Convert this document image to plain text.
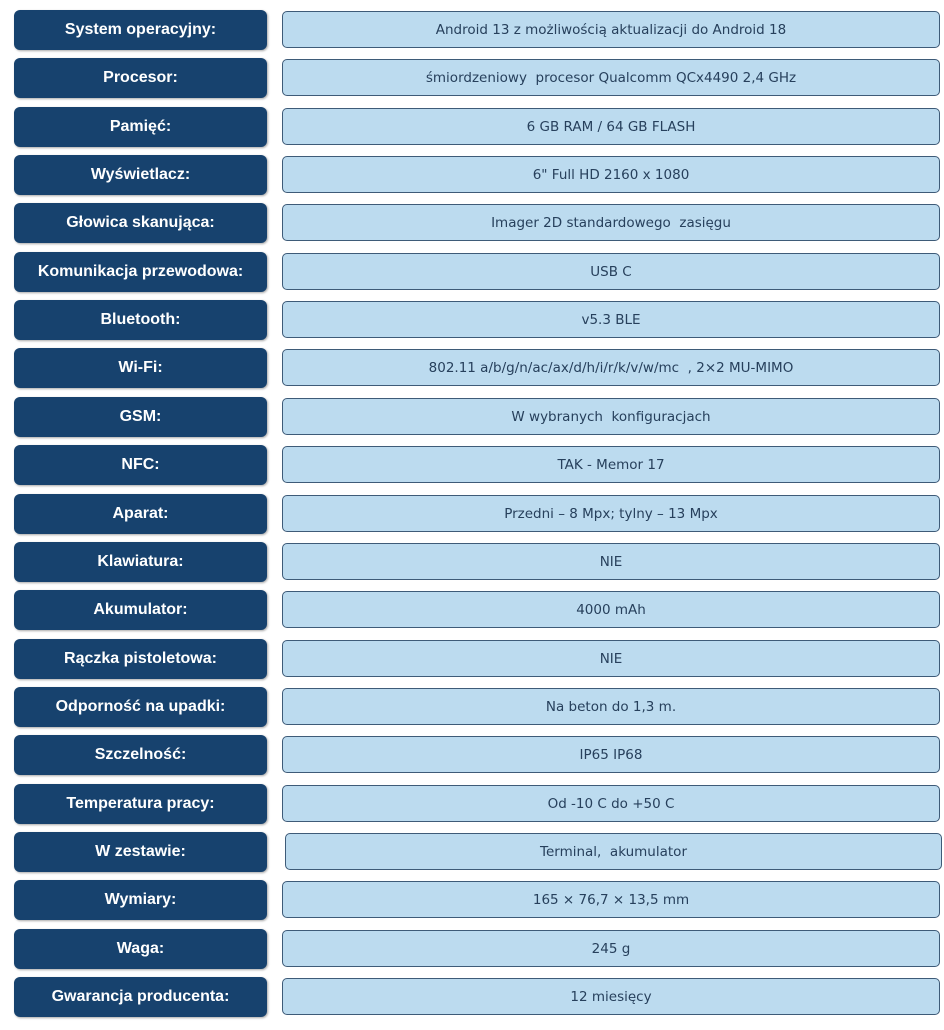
System operacyjny:	Android 13 z możliwością aktualizacji do Android 18
Procesor:	śmiordzeniowy  procesor Qualcomm QCx4490 2,4 GHz
Pamięć:	6 GB RAM / 64 GB FLASH
Wyświetlacz:	6" Full HD 2160 x 1080
Głowica skanująca:	Imager 2D standardowego  zasięgu
Komunikacja przewodowa:	USB C
Bluetooth:	v5.3 BLE
Wi-Fi:	802.11 a/b/g/n/ac/ax/d/h/i/r/k/v/w/mc  , 2×2 MU-MIMO
GSM:	W wybranych  konfiguracjach
NFC:	TAK - Memor 17
Aparat:	Przedni – 8 Mpx; tylny – 13 Mpx
Klawiatura:	NIE
Akumulator:	4000 mAh
Rączka pistoletowa:	NIE
Odporność na upadki:	Na beton do 1,3 m.
Szczelność:	IP65 IP68
Temperatura pracy:	Od -10 C do +50 C
W zestawie:	Terminal,  akumulator
Wymiary:	165 × 76,7 × 13,5 mm
Waga:	245 g
Gwarancja producenta:	12 miesięcy
